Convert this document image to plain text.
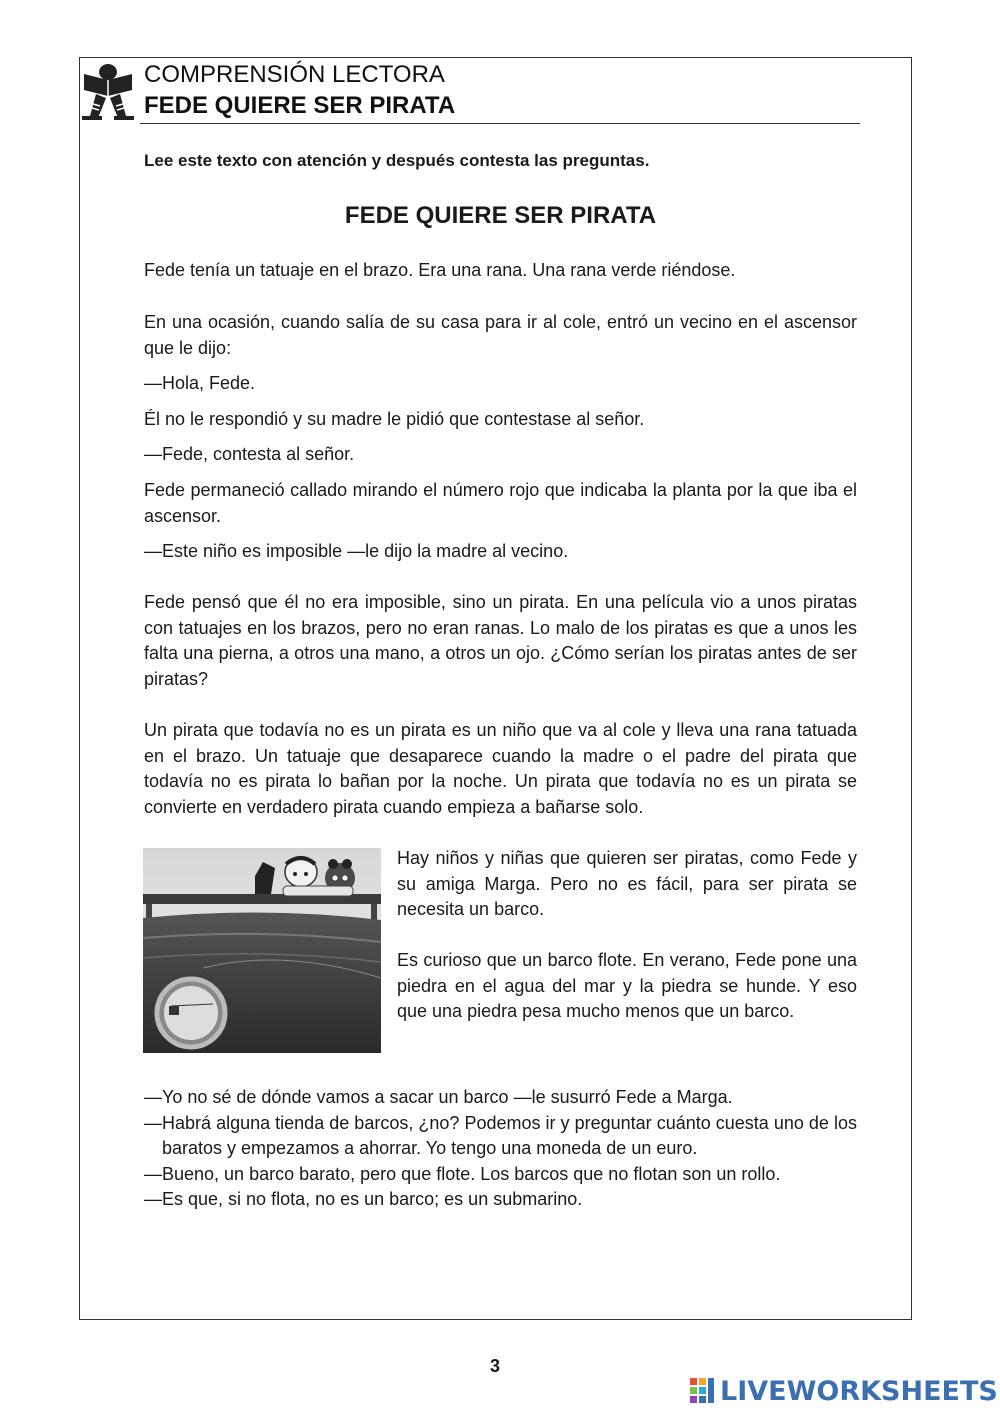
COMPRENSIÓN LECTORA
FEDE QUIERE SER PIRATA
Lee este texto con atención y después contesta las preguntas.
FEDE QUIERE SER PIRATA

Fede tenía un tatuaje en el brazo. Era una rana. Una rana verde riéndose.

En una ocasión, cuando salía de su casa para ir al cole, entró un vecino en el ascensor que le dijo:

—Hola, Fede.

Él no le respondió y su madre le pidió que contestase al señor.

—Fede, contesta al señor.

Fede permaneció callado mirando el número rojo que indicaba la planta por la que iba el ascensor.

—Este niño es imposible —le dijo la madre al vecino.

Fede pensó que él no era imposible, sino un pirata. En una película vio a unos piratas con tatuajes en los brazos, pero no eran ranas. Lo malo de los piratas es que a unos les falta una pierna, a otros una mano, a otros un ojo. ¿Cómo serían los piratas antes de ser piratas?

Un pirata que todavía no es un pirata es un niño que va al cole y lleva una rana tatuada en el brazo. Un tatuaje que desaparece cuando la madre o el padre del pirata que todavía no es pirata lo bañan por la noche. Un pirata que todavía no es un pirata se convierte en verdadero pirata cuando empieza a bañarse solo.

Hay niños y niñas que quieren ser piratas, como Fede y su amiga Marga. Pero no es fácil, para ser pirata se necesita un barco.

Es curioso que un barco flote. En verano, Fede pone una piedra en el agua del mar y la piedra se hunde. Y eso que una piedra pesa mucho menos que un barco.

—Yo no sé de dónde vamos a sacar un barco —le susurró Fede a Marga.
—Habrá alguna tienda de barcos, ¿no? Podemos ir y preguntar cuánto cuesta uno de los baratos y empezamos a ahorrar. Yo tengo una moneda de un euro.
—Bueno, un barco barato, pero que flote. Los barcos que no flotan son un rollo.
—Es que, si no flota, no es un barco; es un submarino.
3
LIVEWORKSHEETS
